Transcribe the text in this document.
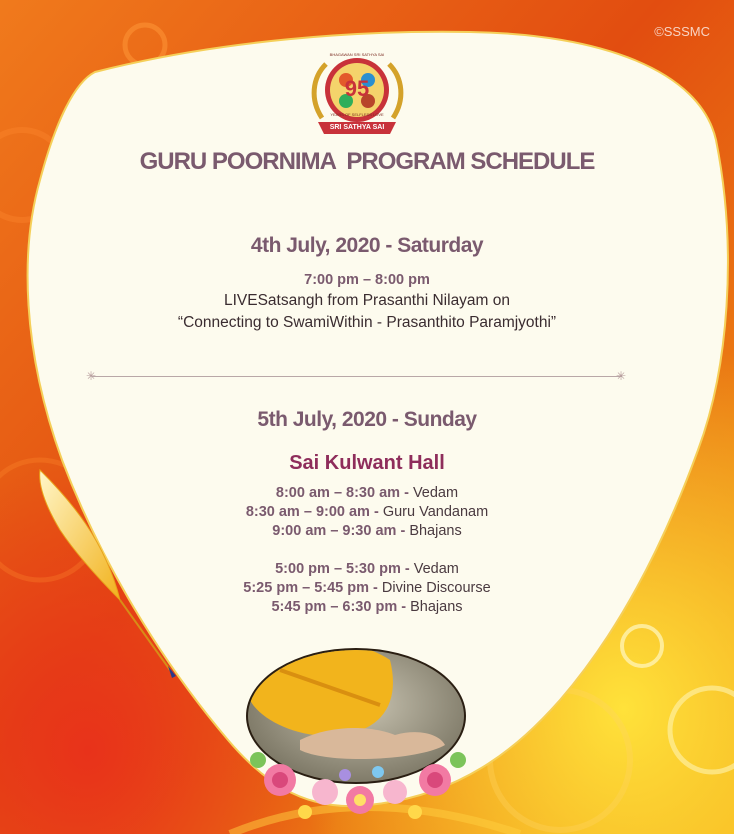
©SSSMC
BHAGAWAN SRI SATHYA SAI
95
YEARS OF SELFLESS LOVE
SRI SATHYA SAI
GURU POORNIMA  PROGRAM SCHEDULE
4th July, 2020 - Saturday
7:00 pm – 8:00 pm
LIVESatsangh from Prasanthi Nilayam on
“Connecting to SwamiWithin - Prasanthito Paramjyothi”
✳	✳
5th July, 2020 - Sunday
Sai Kulwant Hall
8:00 am – 8:30 am - Vedam
8:30 am – 9:00 am - Guru Vandanam
9:00 am – 9:30 am - Bhajans
5:00 pm – 5:30 pm - Vedam
5:25 pm – 5:45 pm - Divine Discourse
5:45 pm – 6:30 pm - Bhajans
